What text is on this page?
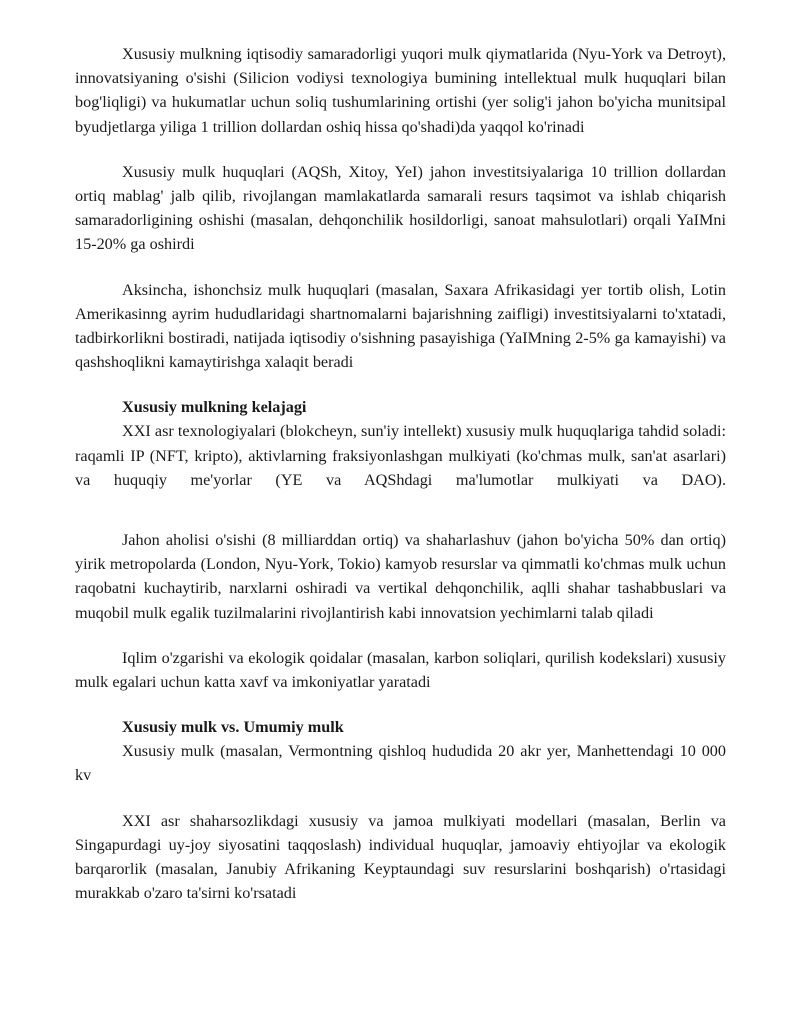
Xususiy mulkning iqtisodiy samaradorligi yuqori mulk qiymatlarida (Nyu-York va Detroyt), innovatsiyaning o'sishi (Silicion vodiysi texnologiya bumining intellektual mulk huquqlari bilan bog'liqligi) va hukumatlar uchun soliq tushumlarining ortishi (yer solig'i jahon bo'yicha munitsipal byudjetlarga yiliga 1 trillion dollardan oshiq hissa qo'shadi)da yaqqol ko'rinadi

Xususiy mulk huquqlari (AQSh, Xitoy, YeI) jahon investitsiyalariga 10 trillion dollardan ortiq mablag' jalb qilib, rivojlangan mamlakatlarda samarali resurs taqsimot va ishlab chiqarish samaradorligining oshishi (masalan, dehqonchilik hosildorligi, sanoat mahsulotlari) orqali YaIMni 15-20% ga oshirdi

Aksincha, ishonchsiz mulk huquqlari (masalan, Saxara Afrikasidagi yer tortib olish, Lotin Amerikasinng ayrim hududlaridagi shartnomalarni bajarishning zaifligi) investitsiyalarni to'xtatadi, tadbirkorlikni bostiradi, natijada iqtisodiy o'sishning pasayishiga (YaIMning 2-5% ga kamayishi) va qashshoqlikni kamaytirishga xalaqit beradi

Xususiy mulkning kelajagi

XXI asr texnologiyalari (blokcheyn, sun'iy intellekt) xususiy mulk huquqlariga tahdid soladi: raqamli IP (NFT, kripto), aktivlarning fraksiyonlashgan mulkiyati (ko'chmas mulk, san'at asarlari) va huquqiy me'yorlar (YE va AQShdagi ma'lumotlar mulkiyati va DAO).

Jahon aholisi o'sishi (8 milliarddan ortiq) va shaharlashuv (jahon bo'yicha 50% dan ortiq) yirik metropolarda (London, Nyu-York, Tokio) kamyob resurslar va qimmatli ko'chmas mulk uchun raqobatni kuchaytirib, narxlarni oshiradi va vertikal dehqonchilik, aqlli shahar tashabbuslari va muqobil mulk egalik tuzilmalarini rivojlantirish kabi innovatsion yechimlarni talab qiladi

Iqlim o'zgarishi va ekologik qoidalar (masalan, karbon soliqlari, qurilish kodekslari) xususiy mulk egalari uchun katta xavf va imkoniyatlar yaratadi

Xususiy mulk vs. Umumiy mulk

Xususiy mulk (masalan, Vermontning qishloq hududida 20 akr yer, Manhettendagi 10 000 kv

XXI asr shaharsozlikdagi xususiy va jamoa mulkiyati modellari (masalan, Berlin va Singapurdagi uy-joy siyosatini taqqoslash) individual huquqlar, jamoaviy ehtiyojlar va ekologik barqarorlik (masalan, Janubiy Afrikaning Keyptaundagi suv resurslarini boshqarish) o'rtasidagi murakkab o'zaro ta'sirni ko'rsatadi
